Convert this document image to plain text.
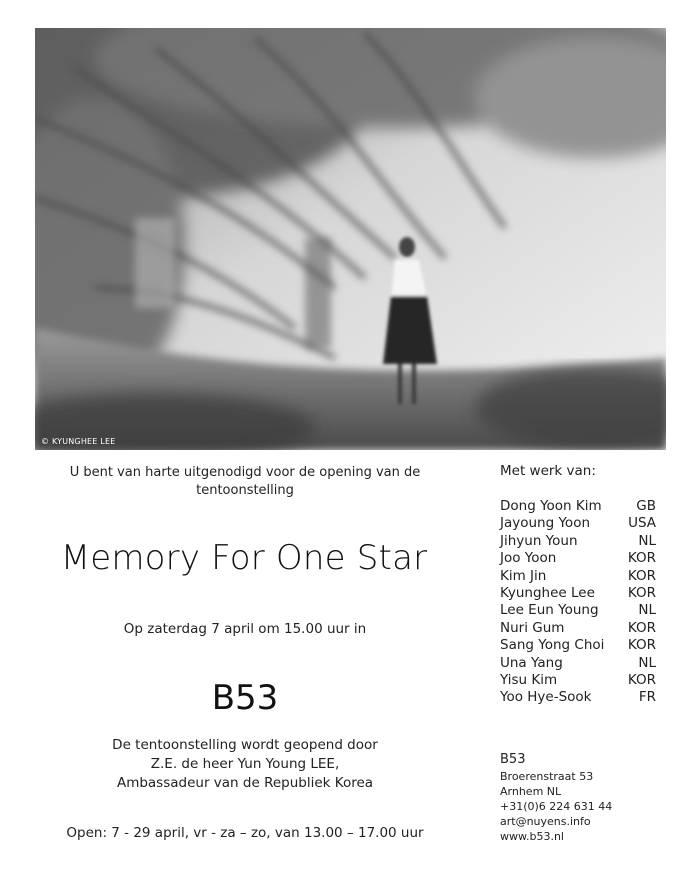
© KYUNGHEE LEE
U bent van harte uitgenodigd voor de opening van de
tentoonstelling
Memory For One Star
Op zaterdag 7 april om 15.00 uur in
B53
De tentoonstelling wordt geopend door
Z.E. de heer Yun Young LEE,
Ambassadeur van de Republiek Korea
Open: 7 - 29 april, vr - za – zo, van 13.00 – 17.00 uur
Met werk van:
Dong Yoon Kim	GB
Jayoung Yoon	USA
Jihyun Youn	NL
Joo Yoon	KOR
Kim Jin	KOR
Kyunghee Lee KOR
Lee Eun Young	NL
Nuri Gum	KOR
Sang Yong Choi KOR
Una Yang	NL
Yisu Kim	KOR
Yoo Hye-Sook	FR
B53
Broerenstraat 53
Arnhem NL
+31(0)6 224 631 44
art@nuyens.info
www.b53.nl
